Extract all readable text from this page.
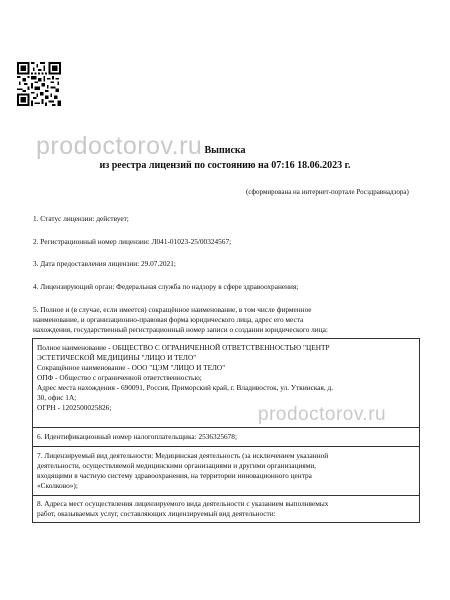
prodoctorov.ru
prodoctorov.ru
Выписка
из реестра лицензий по состоянию на 07:16 18.06.2023 г.
(сформирована на интернет-портале Росздравнадзора)
1. Статус лицензии: действует;
2. Регистрационный номер лицензии: Л041-01023-25/00324567;
3. Дата предоставления лицензии: 29.07.2021;
4. Лицензирующий орган: Федеральная служба по надзору в сфере здравоохранения;
5. Полное и (в случае, если имеется) сокращённое наименование, в том числе фирменное
наименование, и организационно-правовая форма юридического лица, адрес его места
нахождения, государственный регистрационный номер записи о создании юридического лица:
Полное наименование - ОБЩЕСТВО С ОГРАНИЧЕННОЙ ОТВЕТСТВЕННОСТЬЮ "ЦЕНТР
ЭСТЕТИЧЕСКОЙ МЕДИЦИНЫ "ЛИЦО И ТЕЛО"
Сокращённое наименование - ООО "ЦЭМ "ЛИЦО И ТЕЛО"
ОПФ - Общество с ограниченной ответственностью;
Адрес места нахождения - 690091, Россия, Приморский край, г. Владивосток, ул. Уткинская, д.
30, офис 1А;
ОГРН - 1202500025826;
6. Идентификационный номер налогоплательщика: 2536325678;
7. Лицензируемый вид деятельности: Медицинская деятельность (за исключением указанной
деятельности, осуществляемой медицинскими организациями и другими организациями,
входящими в частную систему здравоохранения, на территории инновационного центра
«Сколково»);
8. Адреса мест осуществления лицензируемого вида деятельности с указанием выполняемых
работ, оказываемых услуг, составляющих лицензируемый вид деятельности:
